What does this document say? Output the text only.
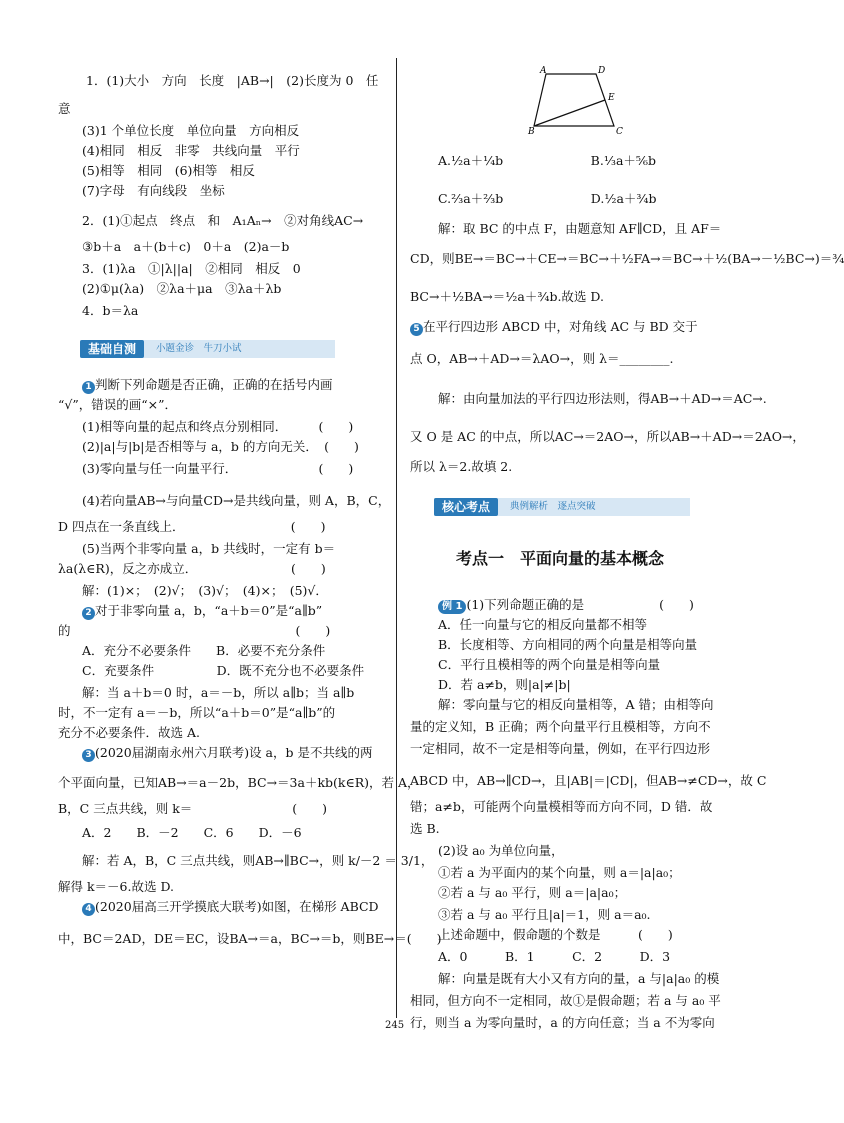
1．(1)大小　方向　长度　|AB→|　(2)长度为 0　任
意
(3)1 个单位长度　单位向量　方向相反
(4)相同　相反　非零　共线向量　平行
(5)相等　相同　(6)相等　相反
(7)字母　有向线段　坐标
2．(1)①起点　终点　和　A₁Aₙ→　②对角线AC→
③b＋a　a＋(b＋c)　0＋a　(2)a－b
3．(1)λa　①|λ||a|　②相同　相反　0
(2)①μ(λa)　②λa＋μa　③λa＋λb
4．b＝λa
基础自测	小题金诊　牛刀小试
1 判断下列命题是否正确，正确的在括号内画
“√”，错误的画“×”．
(1)相等向量的起点和终点分别相同．　　　(　　)
(2)|a|与|b|是否相等与 a，b 的方向无关．　(　　)
(3)零向量与任一向量平行．　　　　　　　(　　)
(4)若向量AB→与向量CD→是共线向量，则 A，B，C，
D 四点在一条直线上．　　　　　　　　　(　　)
(5)当两个非零向量 a，b 共线时，一定有 b＝
λa(λ∈R)，反之亦成立．　　　　　　　　(　　)
解：(1)×；　(2)√；　(3)√；　(4)×；　(5)√．
2 对于非零向量 a，b，“a＋b＝0”是“a∥b”
的　　　　　　　　　　　　　　　　　　(　　)
A．充分不必要条件　　B．必要不充分条件
C．充要条件　　　　　D．既不充分也不必要条件
解：当 a＋b＝0 时，a＝－b，所以 a∥b；当 a∥b
时，不一定有 a＝－b，所以“a＋b＝0”是“a∥b”的
充分不必要条件．故选 A.
3 (2020届湖南永州六月联考)设 a，b 是不共线的两
个平面向量，已知AB→＝a－2b，BC→＝3a＋kb(k∈R)，若 A，
B，C 三点共线，则 k＝　　　　　　　　(　　)
A．2　　B．－2　　C．6　　D．－6
解：若 A，B，C 三点共线，则AB→∥BC→，则 k/－2 ＝ 3/1，
解得 k＝－6.故选 D.
4 (2020届高三开学摸底大联考)如图，在梯形 ABCD
中，BC＝2AD，DE＝EC，设BA→＝a，BC→＝b，则BE→＝(　　)
A	D
E
B	C
A.½a＋¼b　　　　　　　B.⅓a＋⅚b
C.⅔a＋⅔b　　　　　　　D.½a＋¾b
解：取 BC 的中点 F，由题意知 AF∥CD，且 AF＝
CD，则BE→＝BC→＋CE→＝BC→＋½FA→＝BC→＋½(BA→－½BC→)＝¾
BC→＋½BA→＝½a＋¾b.故选 D.
5 在平行四边形 ABCD 中，对角线 AC 与 BD 交于
点 O，AB→＋AD→＝λAO→，则 λ＝________.
解：由向量加法的平行四边形法则，得AB→＋AD→＝AC→.
又 O 是 AC 的中点，所以AC→＝2AO→，所以AB→＋AD→＝2AO→，
所以 λ＝2.故填 2.
核心考点	典例解析　逐点突破
考点一　平面向量的基本概念
例 1 (1)下列命题正确的是　　　　　　(　　)
A．任一向量与它的相反向量都不相等
B．长度相等、方向相同的两个向量是相等向量
C．平行且模相等的两个向量是相等向量
D．若 a≠b，则|a|≠|b|
解：零向量与它的相反向量相等，A 错；由相等向
量的定义知，B 正确；两个向量平行且模相等，方向不
一定相同，故不一定是相等向量，例如，在平行四边形
ABCD 中，AB→∥CD→，且|AB|＝|CD|，但AB→≠CD→，故 C
错；a≠b，可能两个向量模相等而方向不同，D 错．故
选 B.
(2)设 a₀ 为单位向量，
①若 a 为平面内的某个向量，则 a＝|a|a₀；
②若 a 与 a₀ 平行，则 a＝|a|a₀；
③若 a 与 a₀ 平行且|a|＝1，则 a＝a₀.
上述命题中，假命题的个数是　　　(　　)
A．0　　　B．1　　　C．2　　　D．3
解：向量是既有大小又有方向的量，a 与|a|a₀ 的模
相同，但方向不一定相同，故①是假命题；若 a 与 a₀ 平
行，则当 a 为零向量时，a 的方向任意；当 a 不为零向
245
